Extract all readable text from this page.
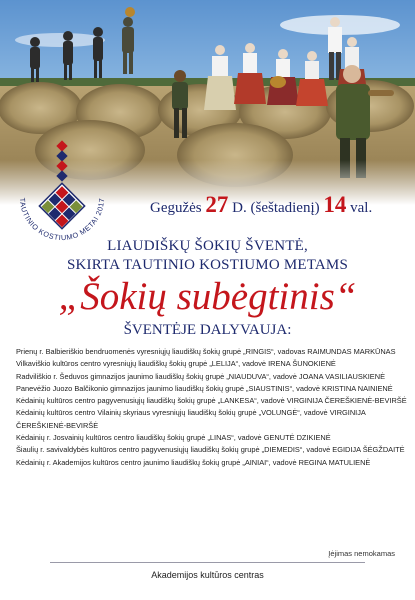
TAUTINIO KOSTIUMO METAI 2017	Gegužės 27 D. (šeštadienį) 14 val.
LIAUDIŠKŲ ŠOKIŲ ŠVENTĖ,
SKIRTA TAUTINIO KOSTIUMO METAMS
„Šokių subėgtinis“
ŠVENTĖJE DALYVAUJA:
Prienų r. Balbieriškio bendruomenės vyresniųjų liaudiškų šokių grupė „RINGIS“, vadovas RAIMUNDAS MARKŪNAS
Vilkaviškio kultūros centro vyresniųjų liaudiškų šokių grupė „LELIJA“, vadovė IRENA ŠUNOKIENĖ
Radviliškio r. Šeduvos gimnazijos jaunimo liaudiškų šokių grupė „NIAUDUVA“, vadovė JOANA VASILIAUSKIENĖ
Panevėžio Juozo Balčikonio gimnazijos jaunimo liaudiškų šokių grupė „SIAUSTINIS“, vadovė KRISTINA NAINIENĖ
Kėdainių kultūros centro pagyvenusiųjų liaudiškų šokių grupė „LANKESA“, vadovė VIRGINIJA ČEREŠKIENĖ-BEVIRŠĖ
Kėdainių kultūros centro Vilainių skyriaus vyresniųjų liaudiškų šokių grupė „VOLUNGĖ“, vadovė VIRGINIJA ČEREŠKIENĖ-BEVIRŠĖ
Kėdainių r. Josvainių kultūros centro liaudiškų šokių grupė „LINAS“, vadovė GENUTĖ DZIKIENĖ
Šiaulių r. savivaldybės kultūros centro pagyvenusiųjų liaudiškų šokių grupė „DIEMEDIS“, vadovė EGIDIJA ŠĖGŽDAITĖ
Kėdainių r. Akademijos kultūros centro jaunimo liaudiškų šokių grupė „AINIAI“, vadovė REGINA MATULIENĖ
Įėjimas nemokamas
Akademijos kultūros centras
